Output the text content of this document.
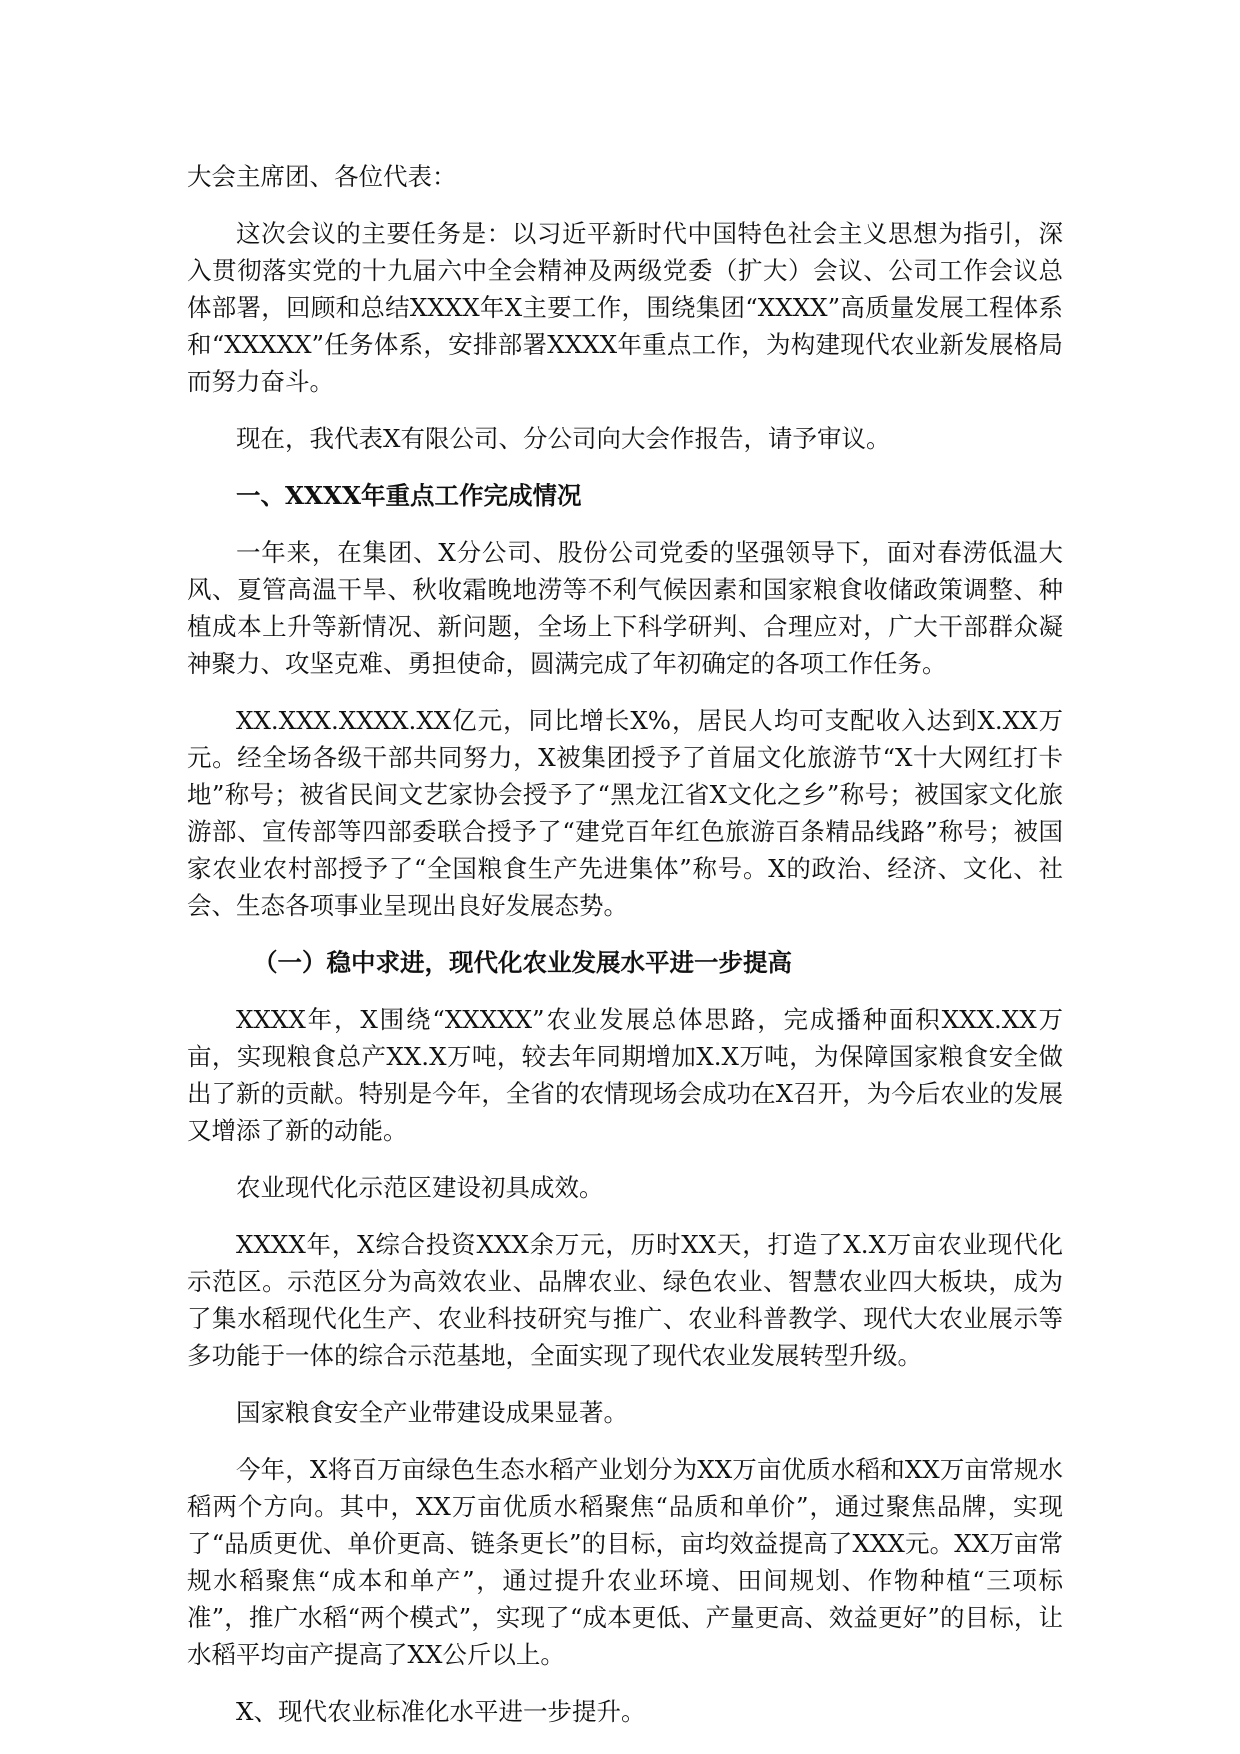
大会主席团、各位代表：

这次会议的主要任务是：以习近平新时代中国特色社会主义思想为指引，深入贯彻落实党的十九届六中全会精神及两级党委（扩大）会议、公司工作会议总体部署，回顾和总结XXXX年X主要工作，围绕集团“XXXX”高质量发展工程体系和“XXXXX”任务体系，安排部署XXXX年重点工作，为构建现代农业新发展格局而努力奋斗。

现在，我代表X有限公司、分公司向大会作报告，请予审议。

一、XXXX年重点工作完成情况

一年来，在集团、X分公司、股份公司党委的坚强领导下，面对春涝低温大风、夏管高温干旱、秋收霜晚地涝等不利气候因素和国家粮食收储政策调整、种植成本上升等新情况、新问题，全场上下科学研判、合理应对，广大干部群众凝神聚力、攻坚克难、勇担使命，圆满完成了年初确定的各项工作任务。

XX.XXX.XXXX.XX亿元，同比增长X%，居民人均可支配收入达到X.XX万元。经全场各级干部共同努力，X被集团授予了首届文化旅游节“X十大网红打卡地”称号；被省民间文艺家协会授予了“黑龙江省X文化之乡”称号；被国家文化旅游部、宣传部等四部委联合授予了“建党百年红色旅游百条精品线路”称号；被国家农业农村部授予了“全国粮食生产先进集体”称号。X的政治、经济、文化、社会、生态各项事业呈现出良好发展态势。

（一）稳中求进，现代化农业发展水平进一步提高

XXXX年，X围绕“XXXXX”农业发展总体思路，完成播种面积XXX.XX万亩，实现粮食总产XX.X万吨，较去年同期增加X.X万吨，为保障国家粮食安全做出了新的贡献。特别是今年，全省的农情现场会成功在X召开，为今后农业的发展又增添了新的动能。

农业现代化示范区建设初具成效。

XXXX年，X综合投资XXX余万元，历时XX天，打造了X.X万亩农业现代化示范区。示范区分为高效农业、品牌农业、绿色农业、智慧农业四大板块，成为了集水稻现代化生产、农业科技研究与推广、农业科普教学、现代大农业展示等多功能于一体的综合示范基地，全面实现了现代农业发展转型升级。

国家粮食安全产业带建设成果显著。

今年，X将百万亩绿色生态水稻产业划分为XX万亩优质水稻和XX万亩常规水稻两个方向。其中，XX万亩优质水稻聚焦“品质和单价”，通过聚焦品牌，实现了“品质更优、单价更高、链条更长”的目标，亩均效益提高了XXX元。XX万亩常规水稻聚焦“成本和单产”，通过提升农业环境、田间规划、作物种植“三项标准”，推广水稻“两个模式”，实现了“成本更低、产量更高、效益更好”的目标，让水稻平均亩产提高了XX公斤以上。

X、现代农业标准化水平进一步提升。
